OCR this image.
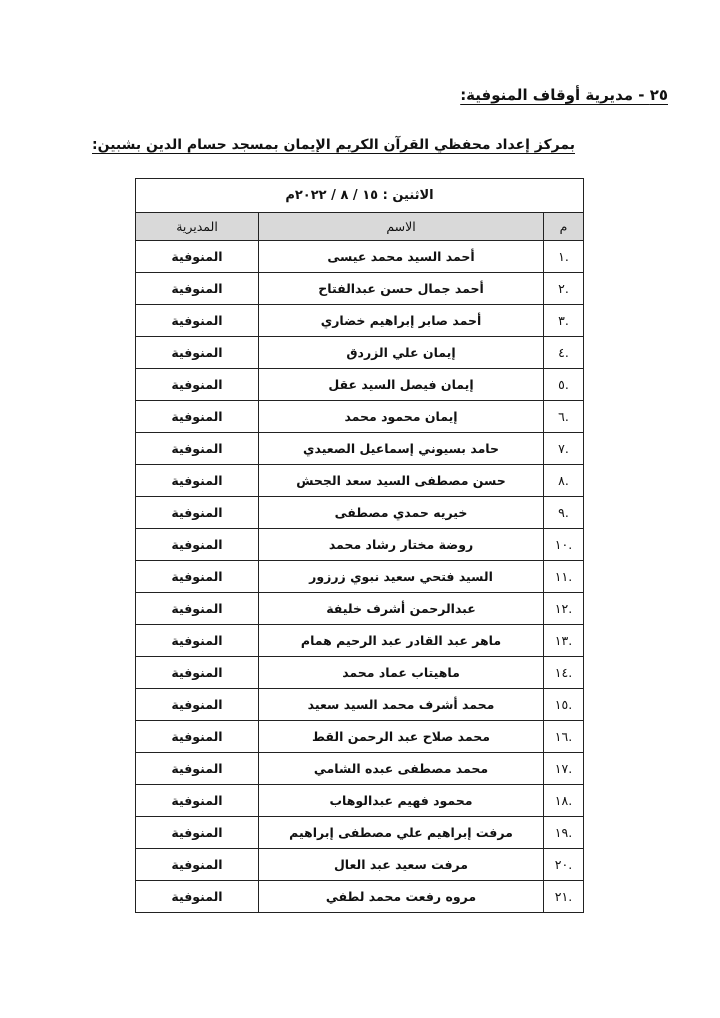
٢٥ - مديرية أوقاف المنوفية:
بمركز إعداد محفظي القرآن الكريم الإيمان بمسجد حسام الدين بشبين:
الاثنين : ١٥ / ٨ / ٢٠٢٢م		
م	الاسم	المديرية
.١	أحمد السيد محمد عيسى	المنوفية
.٢	أحمد جمال حسن عبدالفتاح	المنوفية
.٣	أحمد صابر إبراهيم خضاري	المنوفية
.٤	إيمان علي الزردق	المنوفية
.٥	إيمان فيصل السيد عقل	المنوفية
.٦	إيمان محمود محمد	المنوفية
.٧	حامد بسيوني إسماعيل الصعيدي	المنوفية
.٨	حسن مصطفى السيد سعد الجحش	المنوفية
.٩	خيريه حمدي مصطفى	المنوفية
.١٠	روضة مختار رشاد محمد	المنوفية
.١١	السيد فتحي سعيد نبوي زرزور	المنوفية
.١٢	عبدالرحمن أشرف خليفة	المنوفية
.١٣	ماهر عبد القادر عبد الرحيم همام	المنوفية
.١٤	ماهيتاب عماد محمد	المنوفية
.١٥	محمد أشرف محمد السيد سعيد	المنوفية
.١٦	محمد صلاح عبد الرحمن القط	المنوفية
.١٧	محمد مصطفى عبده الشامي	المنوفية
.١٨	محمود فهيم عبدالوهاب	المنوفية
.١٩	مرفت إبراهيم علي مصطفى إبراهيم	المنوفية
.٢٠	مرفت سعيد عبد العال	المنوفية
.٢١	مروه رفعت محمد لطفي	المنوفية
